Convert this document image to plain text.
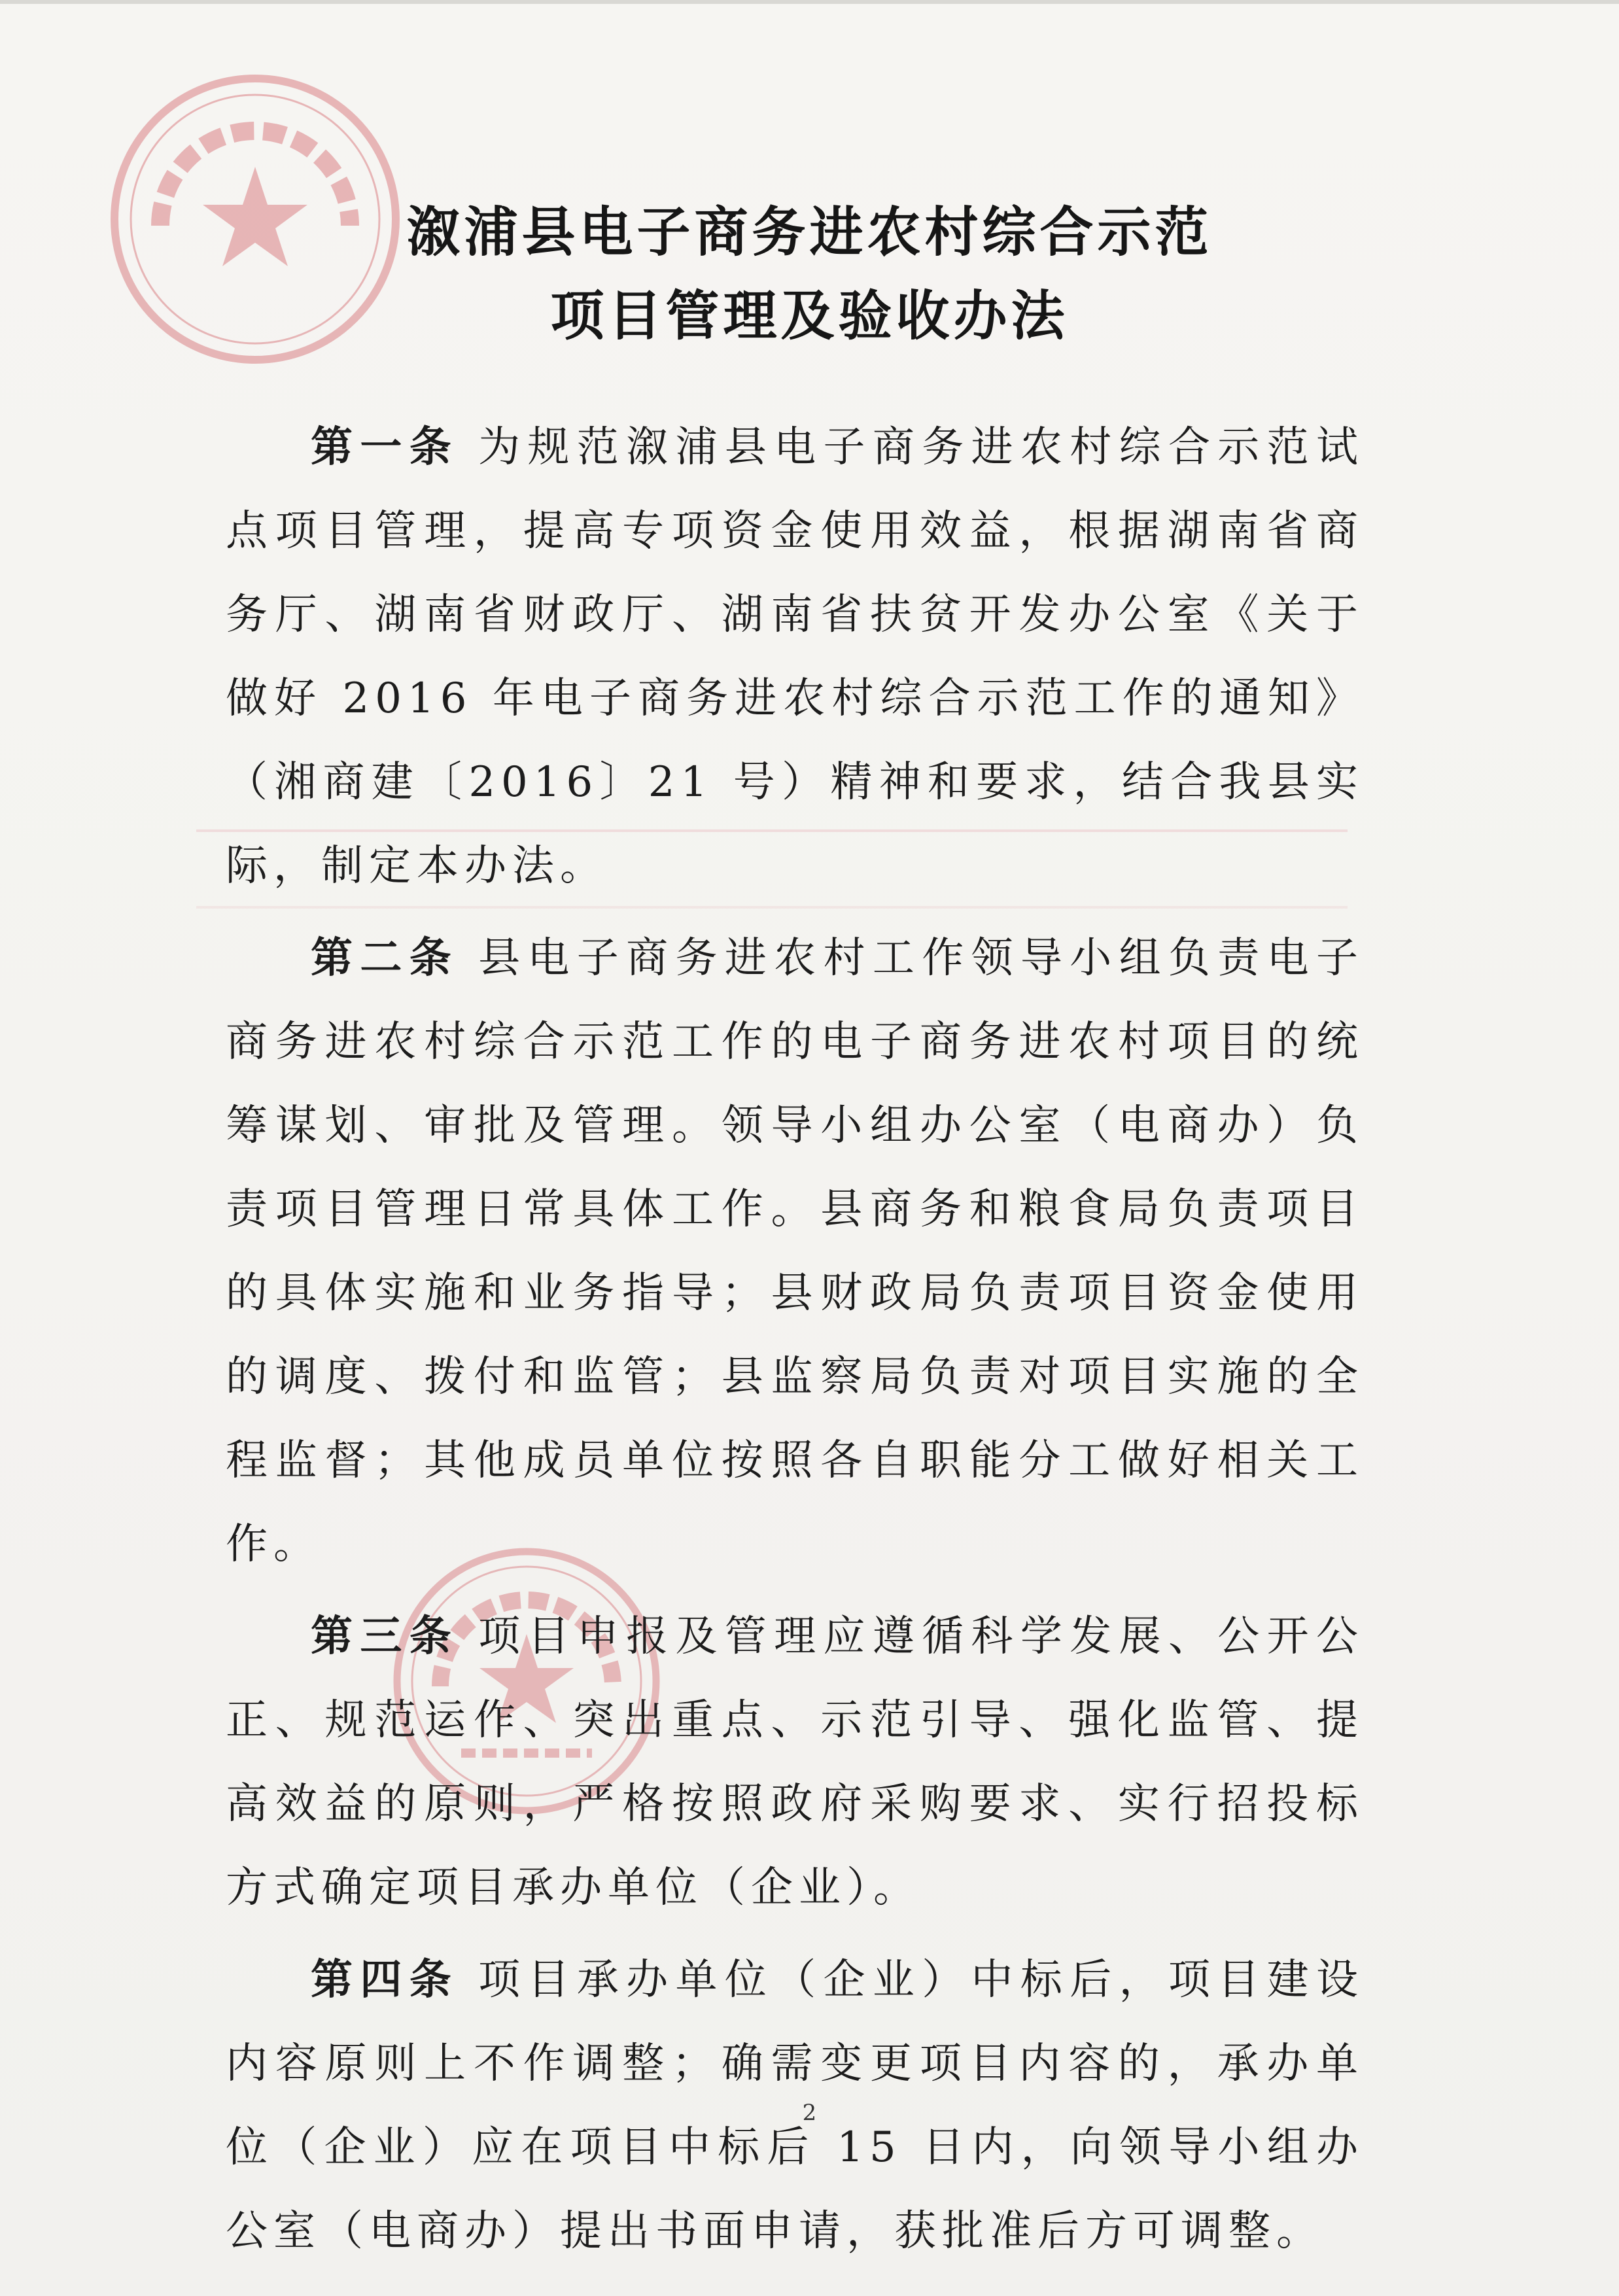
溆浦县电子商务进农村综合示范
项目管理及验收办法

第一条 为规范溆浦县电子商务进农村综合示范试点项目管理，提高专项资金使用效益，根据湖南省商务厅、湖南省财政厅、湖南省扶贫开发办公室《关于做好 2016 年电子商务进农村综合示范工作的通知》（湘商建〔2016〕21 号）精神和要求，结合我县实际，制定本办法。

第二条 县电子商务进农村工作领导小组负责电子商务进农村综合示范工作的电子商务进农村项目的统筹谋划、审批及管理。领导小组办公室（电商办）负责项目管理日常具体工作。县商务和粮食局负责项目的具体实施和业务指导；县财政局负责项目资金使用的调度、拨付和监管；县监察局负责对项目实施的全程监督；其他成员单位按照各自职能分工做好相关工作。

第三条 项目申报及管理应遵循科学发展、公开公正、规范运作、突出重点、示范引导、强化监管、提高效益的原则，严格按照政府采购要求、实行招投标方式确定项目承办单位（企业）。

第四条 项目承办单位（企业）中标后，项目建设内容原则上不作调整；确需变更项目内容的，承办单位（企业）应在项目中标后 15 日内，向领导小组办公室（电商办）提出书面申请，获批准后方可调整。

2
